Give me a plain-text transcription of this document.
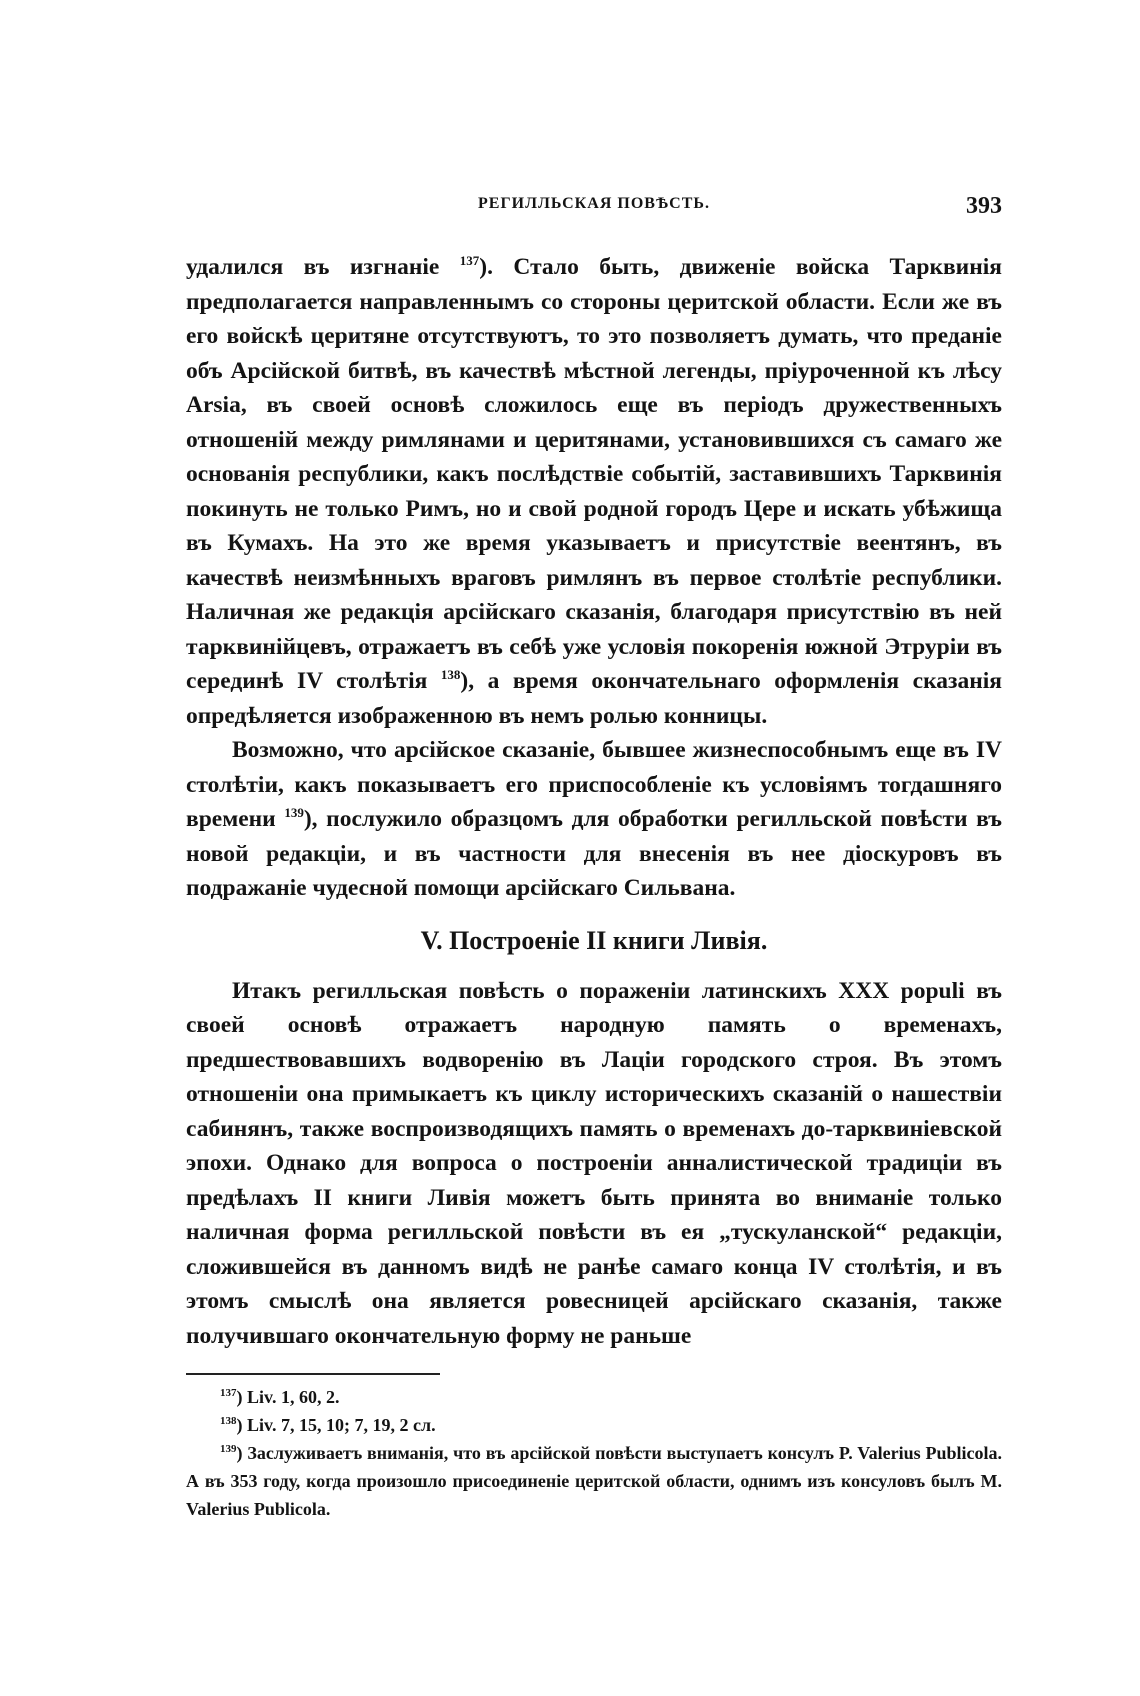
РЕГИЛЛЬСКАЯ ПОВѢСТЬ.	393

удалился въ изгнаніе $^{137}$). Стало быть, движеніе войска Тарквинія предполагается направленнымъ со стороны церитской области. Если же въ его войскѣ церитяне отсутствуютъ, то это позволяетъ думать, что преданіе объ Арсійской битвѣ, въ качествѣ мѣстной легенды, пріуроченной къ лѣсу Arsia, въ своей основѣ сложилось еще въ періодъ дружественныхъ отношеній между римлянами и церитянами, установившихся съ самаго же основанія республики, какъ послѣдствіе событій, заставившихъ Тарквинія покинуть не только Римъ, но и свой родной городъ Церe и искать убѣжища въ Кумахъ. На это же время указываетъ и присутствіе веентянъ, въ качествѣ неизмѣнныхъ враговъ римлянъ въ первое столѣтіе республики. Наличная же редакція арсійскаго сказанія, благодаря присутствію въ ней тарквинійцевъ, отражаетъ въ себѣ уже условія покоренія южной Этруріи въ серединѣ IV столѣтія $^{138}$), а время окончательнаго оформленія сказанія опредѣляется изображенною въ немъ ролью конницы.

Возможно, что арсійское сказаніе, бывшее жизнеспособнымъ еще въ IV столѣтіи, какъ показываетъ его приспособленіе къ условіямъ тогдашняго времени $^{139}$), послужило образцомъ для обработки регилльской повѣсти въ новой редакціи, и въ частности для внесенія въ нее діоскуровъ въ подражаніе чудесной помощи арсійскаго Сильвана.

V. Построеніе II книги Ливія.

Итакъ регилльская повѣсть о пораженіи латинскихъ XXX populi въ своей основѣ отражаетъ народную память о временахъ, предшествовавшихъ водворенію въ Лаціи городского строя. Въ этомъ отношеніи она примыкаетъ къ циклу историческихъ сказаній о нашествіи сабинянъ, также воспроизводящихъ память о временахъ до-тарквиніевской эпохи. Однако для вопроса о построеніи анналистической традиціи въ предѣлахъ II книги Ливія можетъ быть принята во вниманіе только наличная форма регилльской повѣсти въ ея „тускуланской“ редакціи, сложившейся въ данномъ видѣ не ранѣе самаго конца IV столѣтія, и въ этомъ смыслѣ она является ровесницей арсійскаго сказанія, также получившаго окончательную форму не раньше

$^{137}$) Liv. 1, 60, 2.

$^{138}$) Liv. 7, 15, 10; 7, 19, 2 сл.

$^{139}$) Заслуживаетъ вниманія, что въ арсійской повѣсти выступаетъ консулъ P. Valerius Publicola. А въ 353 году, когда произошло присоединеніе церитской области, однимъ изъ консуловъ былъ M. Valerius Publicola.
